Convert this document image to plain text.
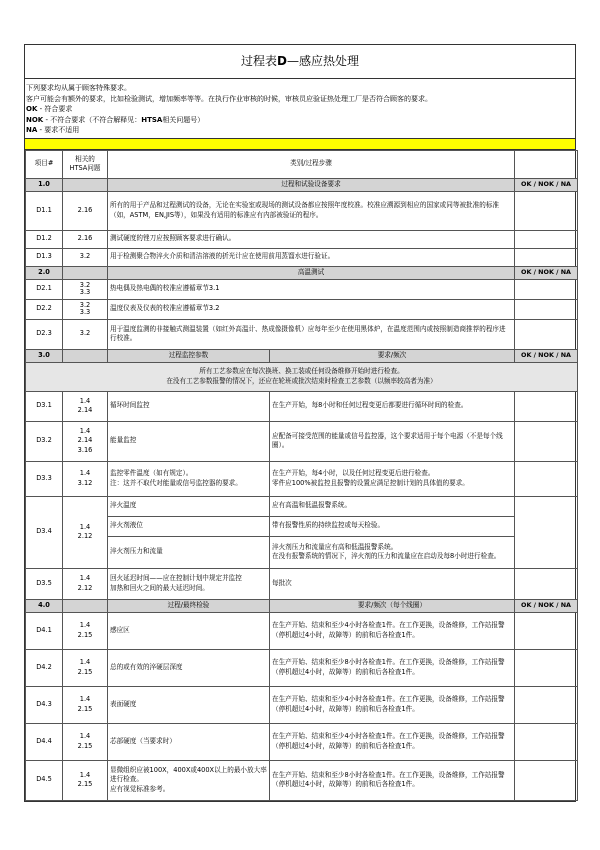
过程表D—感应热处理
下列要求均从属于顾客特殊要求。
客户可能会有额外的要求，比如检验测试，增加频率等等。在执行作业审核的时候，审核员应验证热处理工厂是否符合顾客的要求。
OK - 符合要求
NOK - 不符合要求（不符合解释见：HTSA相关问题号）
NA - 要求不适用
项目#	相关的
HTSA问题	类别/过程步骤		
1.0		过程和试验设备要求		OK / NOK / NA
D1.1	2.16	所有的用于产品和过程测试的设备，无论在实验室或现场的测试设备都应按照年度校准。校准应溯源到相应的国家或同等被批准的标准（如，ASTM，EN,JIS等），如果没有适用的标准应有内部被验证的程序。		
D1.2	2.16	测试硬度的锉刀应按照顾客要求进行确认。		
D1.3	3.2	用于检测聚合物淬火介质和清洁溶液的折光计应在使用前用蒸馏水进行验证。		
2.0		高温测试		OK / NOK / NA
D2.1	3.2
3.3	热电偶及热电偶的校准应遵循章节3.1		
D2.2	3.2
3.3	温度仪表及仪表的校准应遵循章节3.2		
D2.3	3.2	用于温度监测的非接触式测温装置（如红外高温计、热成像摄像机）应每年至少在使用黑体炉，在温度范围内或按照制造商推荐的程序进行校准。		
3.0		过程监控参数	要求/频次	OK / NOK / NA

所有工艺参数应在每次换班、换工装或任何设备维修开始时进行检查。
在没有工艺参数报警的情况下，还应在轮班或批次结束时检查工艺参数（以频率较高者为准）				

D3.1	1.4
2.14	循环时间监控	在生产开始，每8小时和任何过程变更后都要进行循环时间的检查。	
D3.2	1.4
2.14
3.16	能量监控	应配备可接受范围的能量或信号监控器，这个要求适用于每个电源（不是每个线圈）。	
D3.3	1.4
3.12	监控零件温度（如有规定）。
注：这并不取代对能量或信号监控器的要求。	在生产开始，每4小时，以及任何过程变更后进行检查。
零件应100%被监控且报警的设置应满足控制计划的具体值的要求。	
D3.4	1.4
2.12	淬火温度	应有高温和低温报警系统。	
		淬火剂液位	带有报警性质的持续监控或每天检验。	
		淬火剂压力和流量	淬火剂压力和流量应有高和低温报警系统。
在没有报警系统的情况下，淬火剂的压力和流量应在启动及每8小时进行检查。	
D3.5	1.4
2.12	回火延迟时间——应在控制计划中规定并监控
加热和回火之间的最大延迟时间。	每批次	
4.0		过程/最终检验	要求/频次（每个线圈）	OK / NOK / NA
D4.1	1.4
2.15	感应区	在生产开始、结束和至少4小时各检查1件。在工作更换，设备维修，工作站报警（停机超过4小时，故障等）的前和后各检查1件。	
D4.2	1.4
2.15	总的或有效的淬硬层深度	在生产开始、结束和至少8小时各检查1件。在工作更换，设备维修，工作站报警（停机超过4小时，故障等）的前和后各检查1件。	
D4.3	1.4
2.15	表面硬度	在生产开始、结束和至少4小时各检查1件。在工作更换，设备维修，工作站报警（停机超过4小时，故障等）的前和后各检查1件。	
D4.4	1.4
2.15	芯部硬度（当要求时）	在生产开始、结束和至少4小时各检查1件。在工作更换，设备维修，工作站报警（停机超过4小时，故障等）的前和后各检查1件。	
D4.5	1.4
2.15	显微组织应被100X，400X或400X以上的最小放大率进行检查。
应有视觉标准参考。	在生产开始、结束和至少8小时各检查1件。在工作更换，设备维修，工作站报警（停机超过4小时，故障等）的前和后各检查1件。	
